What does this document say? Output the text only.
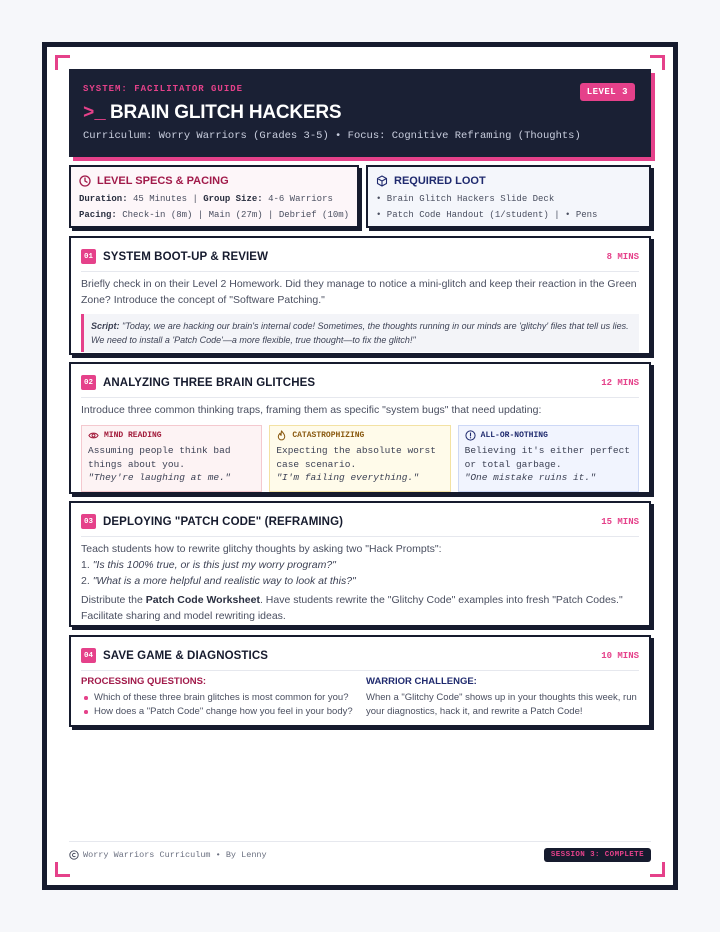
SYSTEM: FACILITATOR GUIDE	LEVEL 3
>_ BRAIN GLITCH HACKERS
Curriculum: Worry Warriors (Grades 3-5) • Focus: Cognitive Reframing (Thoughts)
LEVEL SPECS & PACING
Duration: 45 Minutes | Group Size: 4-6 Warriors
Pacing: Check-in (8m) | Main (27m) | Debrief (10m)
REQUIRED LOOT
• Brain Glitch Hackers Slide Deck
• Patch Code Handout (1/student) | • Pens
01 SYSTEM BOOT-UP & REVIEW	8 MINS
Briefly check in on their Level 2 Homework. Did they manage to notice a mini-glitch and keep their reaction in the Green Zone? Introduce the concept of "Software Patching."
Script: "Today, we are hacking our brain's internal code! Sometimes, the thoughts running in our minds are 'glitchy' files that tell us lies. We need to install a 'Patch Code'—a more flexible, true thought—to fix the glitch!"
02 ANALYZING THREE BRAIN GLITCHES	12 MINS
Introduce three common thinking traps, framing them as specific "system bugs" that need updating:
MIND READING
Assuming people think bad things about you.
"They're laughing at me."
CATASTROPHIZING
Expecting the absolute worst case scenario.
"I'm failing everything."
ALL-OR-NOTHING
Believing it's either perfect or total garbage.
"One mistake ruins it."
03 DEPLOYING "PATCH CODE" (REFRAMING)	15 MINS
Teach students how to rewrite glitchy thoughts by asking two "Hack Prompts":
1. "Is this 100% true, or is this just my worry program?"
2. "What is a more helpful and realistic way to look at this?"
Distribute the Patch Code Worksheet. Have students rewrite the "Glitchy Code" examples into fresh "Patch Codes." Facilitate sharing and model rewriting ideas.
04 SAVE GAME & DIAGNOSTICS	10 MINS
PROCESSING QUESTIONS:
Which of these three brain glitches is most common for you?
How does a "Patch Code" change how you feel in your body?
WARRIOR CHALLENGE:
When a "Glitchy Code" shows up in your thoughts this week, run your diagnostics, hack it, and rewrite a Patch Code!
Worry Warriors Curriculum • By Lenny	SESSION 3: COMPLETE
